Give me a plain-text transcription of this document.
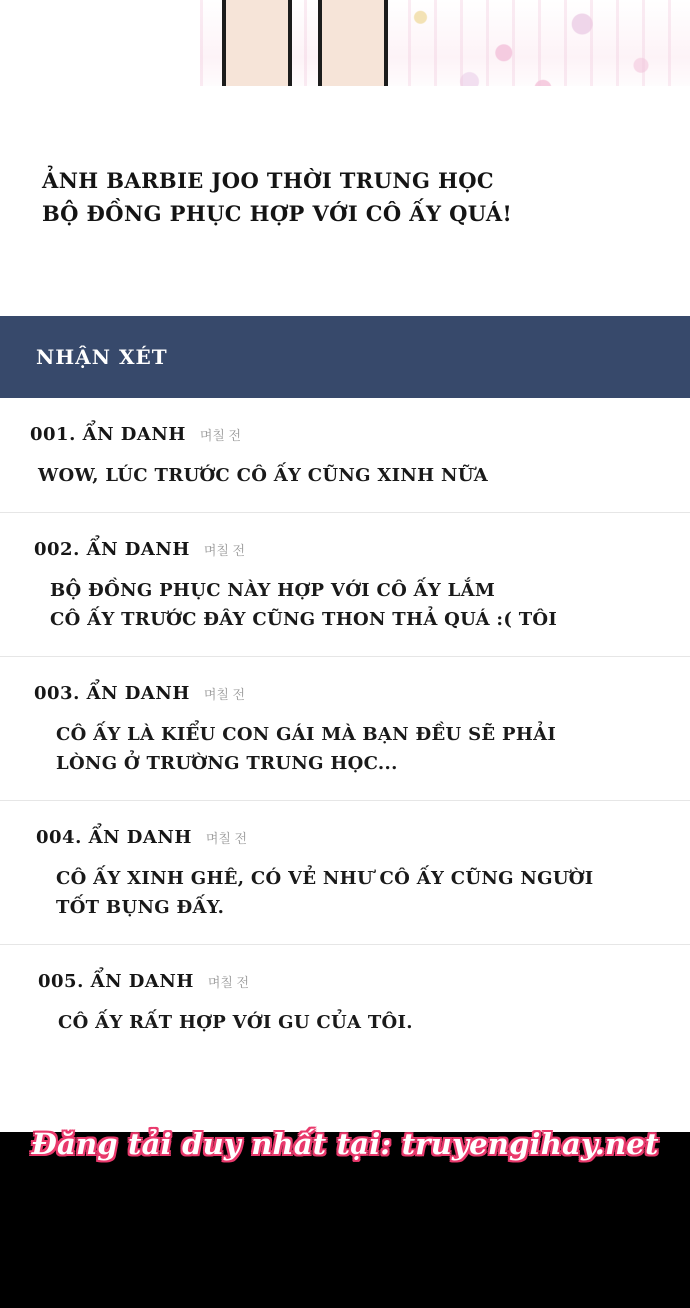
ẢNH BARBIE JOO THỜI TRUNG HỌC
BỘ ĐỒNG PHỤC HỢP VỚI CÔ ẤY QUÁ!
NHẬN XÉT
001. ẨN DANH 며칠 전
WOW, LÚC TRƯỚC CÔ ẤY CŨNG XINH NỮA
002. ẨN DANH 며칠 전
BỘ ĐỒNG PHỤC NÀY HỢP VỚI CÔ ẤY LẮM
CÔ ẤY TRƯỚC ĐÂY CŨNG THON THẢ QUÁ :( TÔI
003. ẨN DANH 며칠 전
CÔ ẤY LÀ KIỂU CON GÁI MÀ BẠN ĐỀU SẼ PHẢI
LÒNG Ở TRƯỜNG TRUNG HỌC...
004. ẨN DANH 며칠 전
CÔ ẤY XINH GHÊ, CÓ VẺ NHƯ CÔ ẤY CŨNG NGƯỜI
TỐT BỤNG ĐẤY.
005. ẨN DANH 며칠 전
CÔ ẤY RẤT HỢP VỚI GU CỦA TÔI.
Đăng tải duy nhất tại: truyengihay.net
